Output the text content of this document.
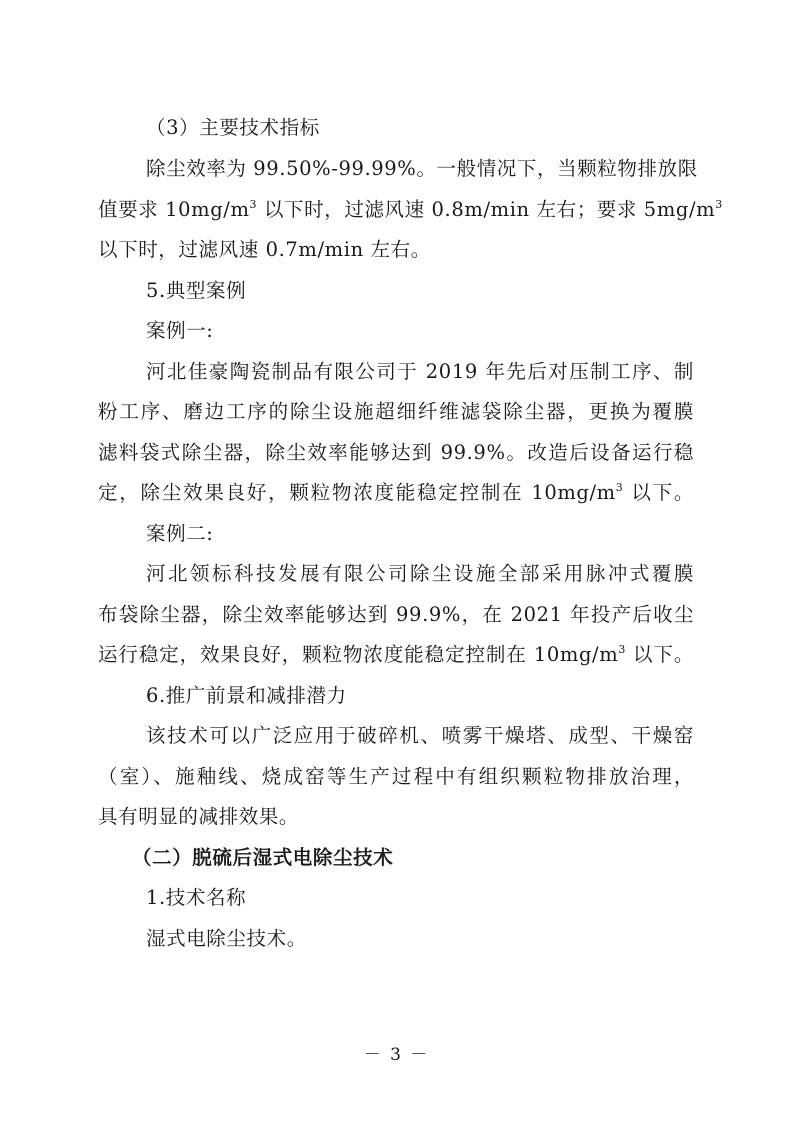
（3）主要技术指标
除尘效率为 99.50%-99.99%。一般情况下，当颗粒物排放限
值要求 $10mg/m^3$ 以下时，过滤风速 0.8m/min 左右；要求 $5mg/m^3$
以下时，过滤风速 0.7m/min 左右。
5.典型案例
案例一:
河北佳豪陶瓷制品有限公司于 2019 年先后对压制工序、制
粉工序、磨边工序的除尘设施超细纤维滤袋除尘器，更换为覆膜
滤料袋式除尘器，除尘效率能够达到 99.9%。改造后设备运行稳
定，除尘效果良好，颗粒物浓度能稳定控制在 $10mg/m^3$ 以下。
案例二:
河北领标科技发展有限公司除尘设施全部采用脉冲式覆膜
布袋除尘器，除尘效率能够达到 99.9%，在 2021 年投产后收尘
运行稳定，效果良好，颗粒物浓度能稳定控制在 $10mg/m^3$ 以下。
6.推广前景和减排潜力
该技术可以广泛应用于破碎机、喷雾干燥塔、成型、干燥窑
（室）、施釉线、烧成窑等生产过程中有组织颗粒物排放治理，
具有明显的减排效果。
（二）脱硫后湿式电除尘技术
1.技术名称
湿式电除尘技术。
－ 3 －
